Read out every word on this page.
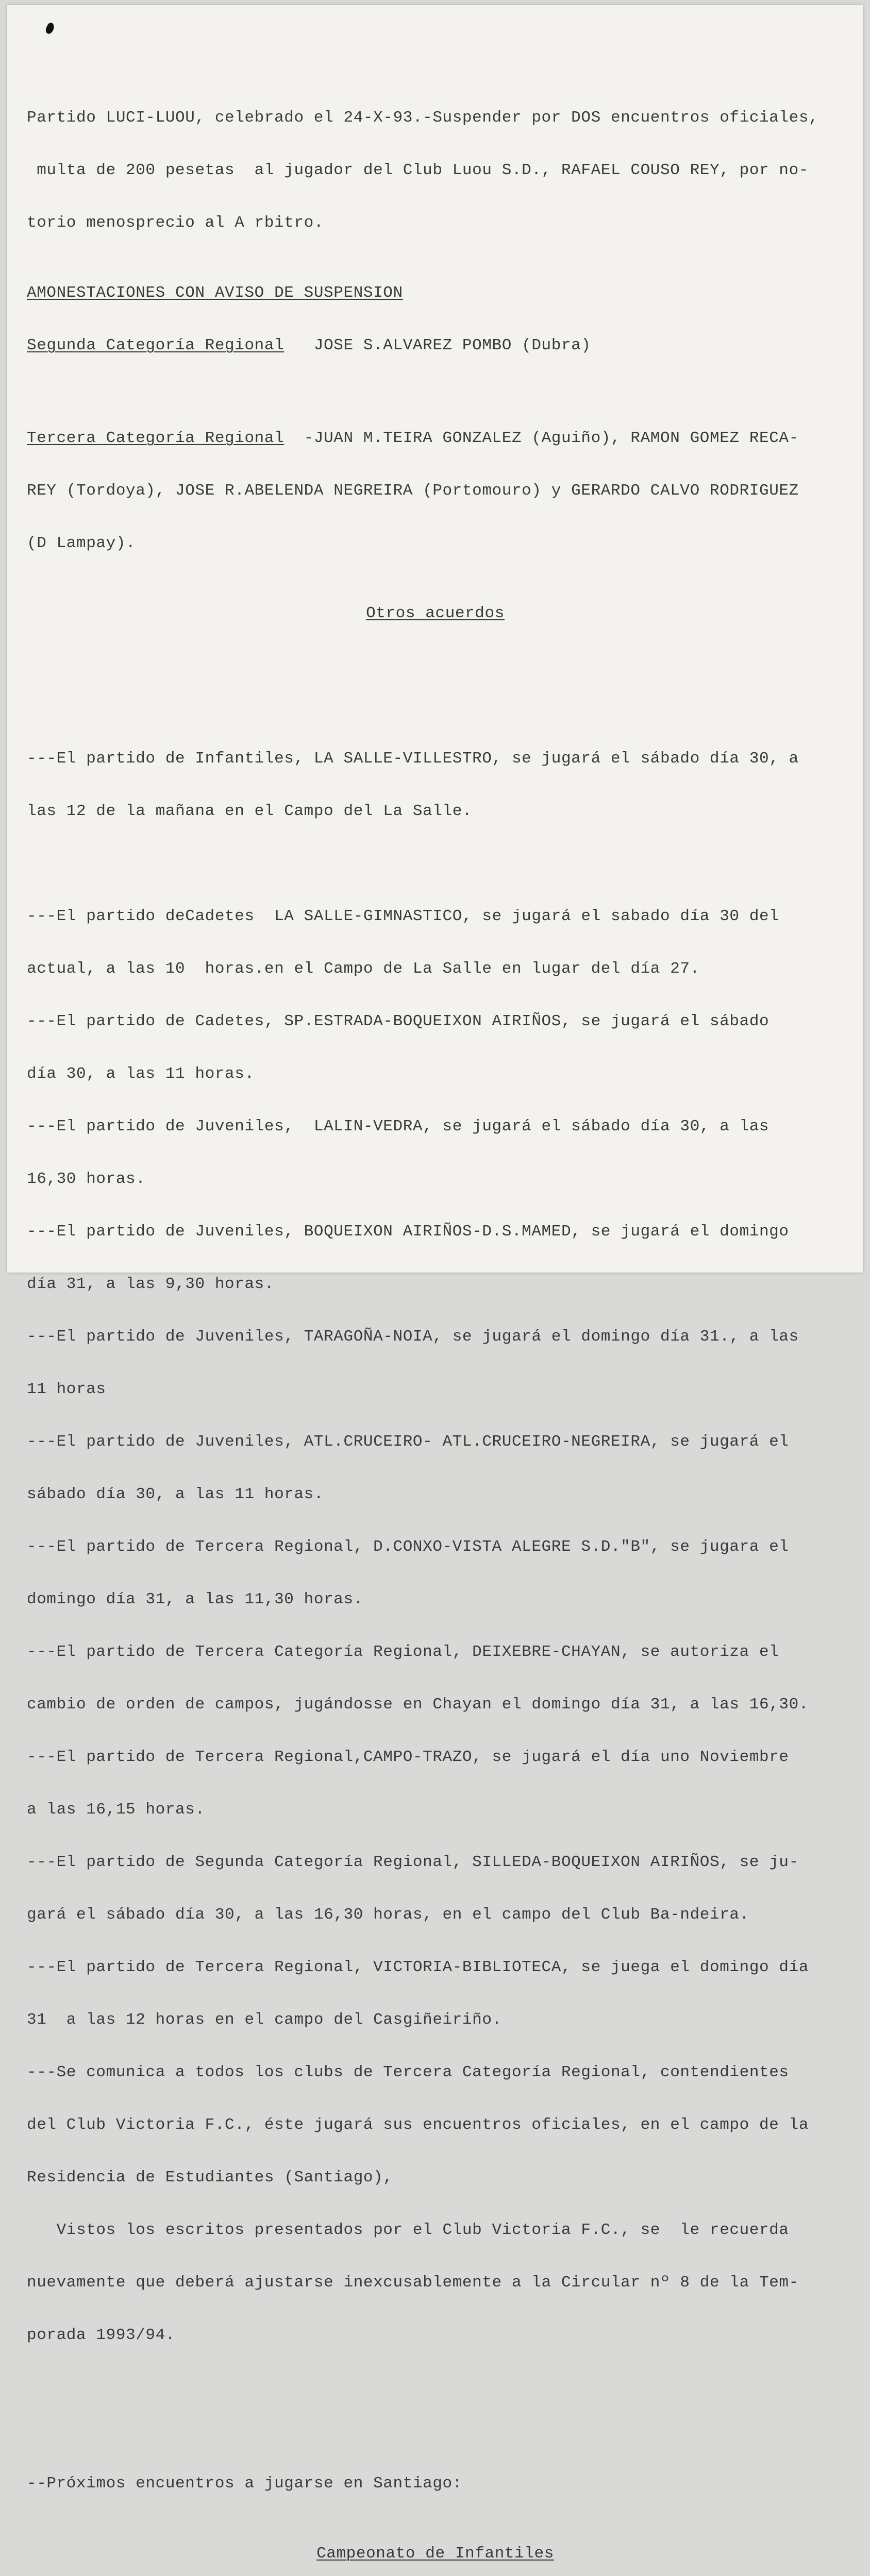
Partido LUCI-LUOU, celebrado el 24-X-93.-Suspender por DOS encuentros oficiales,

multa de 200 pesetas  al jugador del Club Luou S.D., RAFAEL COUSO REY, por no-

torio menosprecio al A rbitro.

AMONESTACIONES CON AVISO DE SUSPENSION

Segunda Categoría Regional   JOSE S.ALVAREZ POMBO (Dubra)

Tercera Categoría Regional  -JUAN M.TEIRA GONZALEZ (Aguiño), RAMON GOMEZ RECA-

REY (Tordoya), JOSE R.ABELENDA NEGREIRA (Portomouro) y GERARDO CALVO RODRIGUEZ

(D Lampay).

Otros acuerdos

---El partido de Infantiles, LA SALLE-VILLESTRO, se jugará el sábado día 30, a

las 12 de la mañana en el Campo del La Salle.

---El partido deCadetes  LA SALLE-GIMNASTICO, se jugará el sabado día 30 del

actual, a las 10  horas.en el Campo de La Salle en lugar del día 27.

---El partido de Cadetes, SP.ESTRADA-BOQUEIXON AIRIÑOS, se jugará el sábado

día 30, a las 11 horas.

---El partido de Juveniles,  LALIN-VEDRA, se jugará el sábado día 30, a las

16,30 horas.

---El partido de Juveniles, BOQUEIXON AIRIÑOS-D.S.MAMED, se jugará el domingo

día 31, a las 9,30 horas.

---El partido de Juveniles, TARAGOÑA-NOIA, se jugará el domingo día 31., a las

11 horas

---El partido de Juveniles, ATL.CRUCEIRO- ATL.CRUCEIRO-NEGREIRA, se jugará el

sábado día 30, a las 11 horas.

---El partido de Tercera Regional, D.CONXO-VISTA ALEGRE S.D."B", se jugara el

domingo día 31, a las 11,30 horas.

---El partido de Tercera Categoría Regional, DEIXEBRE-CHAYAN, se autoriza el

cambio de orden de campos, jugándosse en Chayan el domingo día 31, a las 16,30.

---El partido de Tercera Regional,CAMPO-TRAZO, se jugará el día uno Noviembre

a las 16,15 horas.

---El partido de Segunda Categoría Regional, SILLEDA-BOQUEIXON AIRIÑOS, se ju-

gará el sábado día 30, a las 16,30 horas, en el campo del Club Ba-ndeira.

---El partido de Tercera Regional, VICTORIA-BIBLIOTECA, se juega el domingo día

31  a las 12 horas en el campo del Casgiñeiriño.

---Se comunica a todos los clubs de Tercera Categoría Regional, contendientes

del Club Victoria F.C., éste jugará sus encuentros oficiales, en el campo de la

Residencia de Estudiantes (Santiago),

Vistos los escritos presentados por el Club Victoria F.C., se  le recuerda

nuevamente que deberá ajustarse inexcusablemente a la Circular nº 8 de la Tem-

porada 1993/94.

--Próximos encuentros a jugarse en Santiago:

Campeonato de Infantiles
